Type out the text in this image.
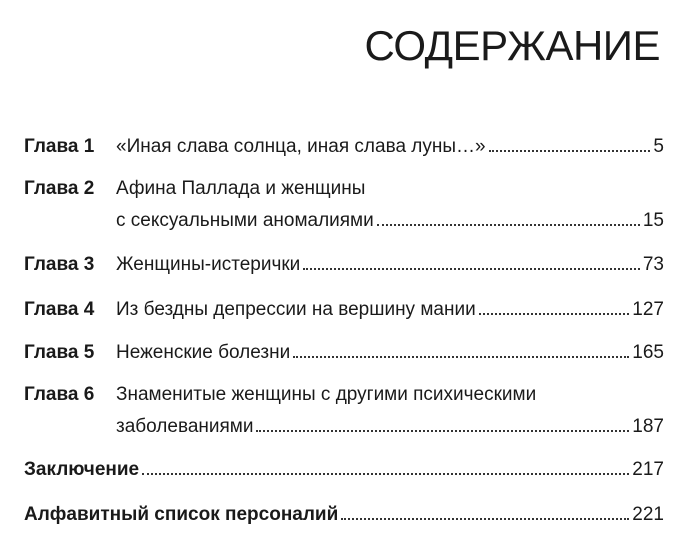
СОДЕРЖАНИЕ
Глава 1 «Иная слава солнца, иная слава луны…»	5
Глава 2 Афина Паллада и женщины
с сексуальными аномалиями	15
Глава 3 Женщины-истерички	73
Глава 4 Из бездны депрессии на вершину мании	127
Глава 5 Неженские болезни	165
Глава 6 Знаменитые женщины с другими психическими
заболеваниями	187
Заключение	217
Алфавитный список персоналий	221
